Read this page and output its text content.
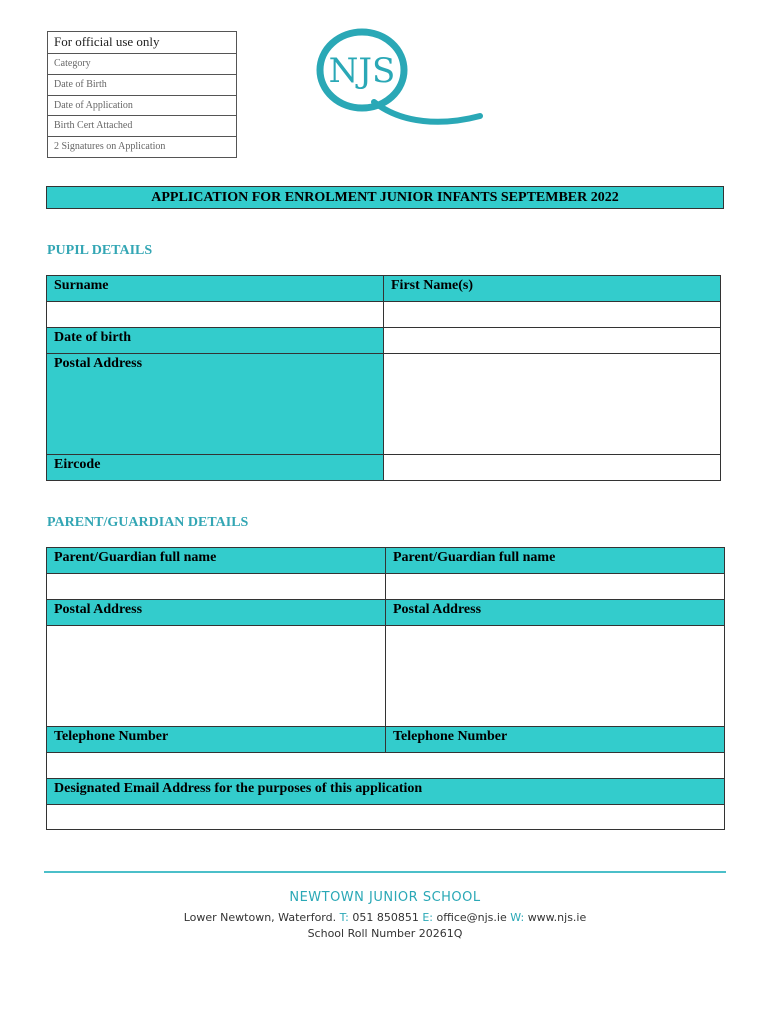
For official use only
Category
Date of Birth
Date of Application
Birth Cert Attached
2 Signatures on Application
NJS
APPLICATION FOR ENROLMENT JUNIOR INFANTS SEPTEMBER 2022
PUPIL DETAILS
Surname	First Name(s)

Date of birth	

Postal Address	

Eircode	

PARENT/GUARDIAN DETAILS
Parent/Guardian full name	Parent/Guardian full name

Postal Address	Postal Address

Telephone Number	Telephone Number

Designated Email Address for the purposes of this application	

NEWTOWN JUNIOR SCHOOL
Lower Newtown, Waterford. T: 051 850851 E: office@njs.ie W: www.njs.ie
School Roll Number 20261Q
